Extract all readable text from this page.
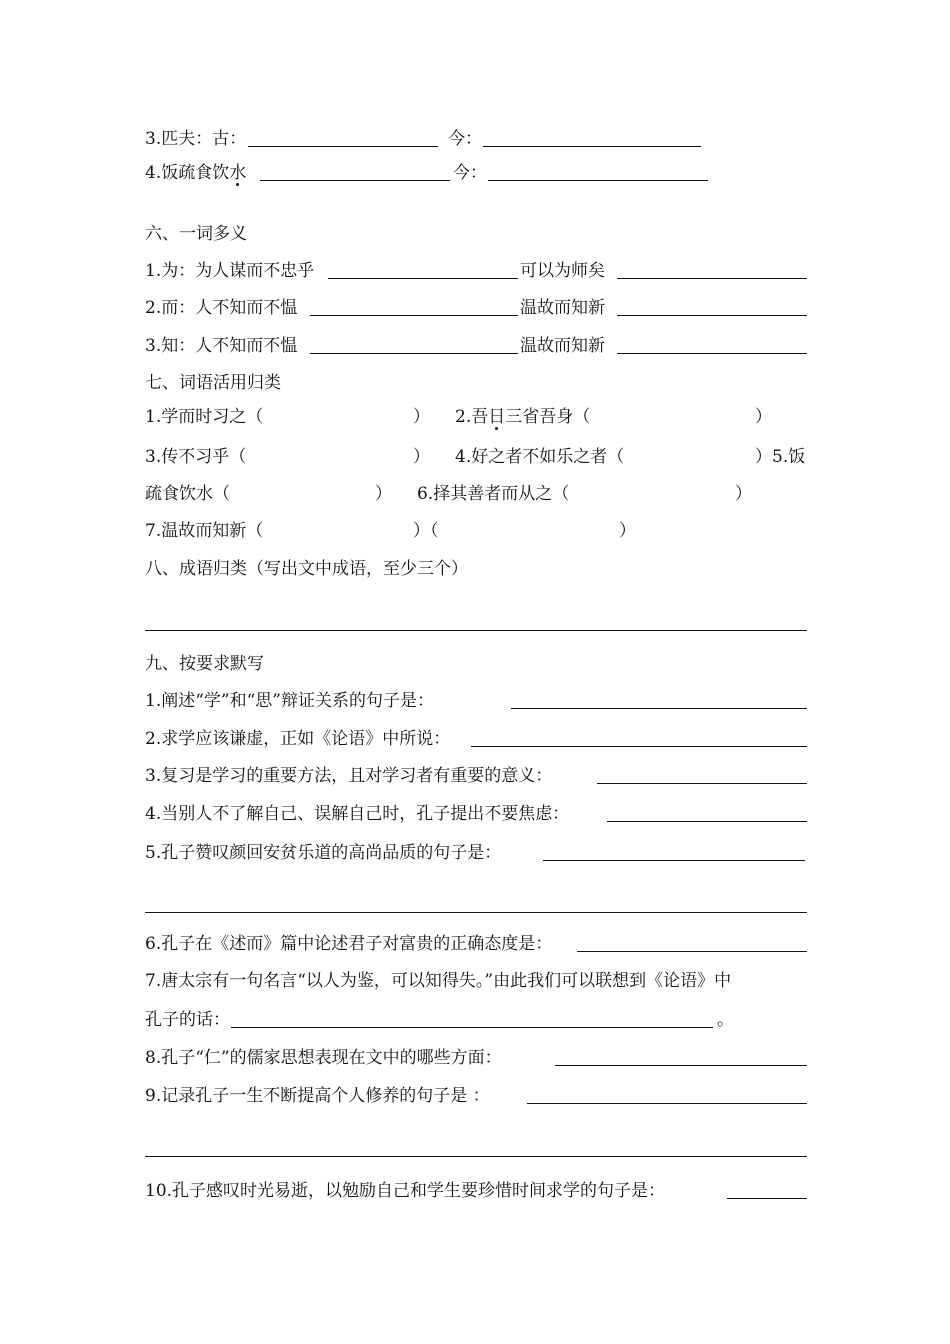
3.匹夫：古：	今：
4.饭疏食饮水	今：
六、一词多义
1.为：为人谋而不忠乎	可以为师矣
2.而：人不知而不愠	温故而知新
3.知：人不知而不愠	温故而知新
七、词语活用归类
1.学而时习之（	） 2.吾日三省吾身（	）
3.传不习乎（	） 4.好之者不如乐之者（	）5.饭
疏食饮水（	） 6.择其善者而从之（	）
7.温故而知新（	）（	）
八、成语归类（写出文中成语，至少三个）
九、按要求默写
1.阐述“学”和“思”辩证关系的句子是：
2.求学应该谦虚，正如《论语》中所说：
3.复习是学习的重要方法，且对学习者有重要的意义：
4.当别人不了解自己、误解自己时，孔子提出不要焦虑：
5.孔子赞叹颜回安贫乐道的高尚品质的句子是：
6.孔子在《述而》篇中论述君子对富贵的正确态度是：
7.唐太宗有一句名言“以人为鉴，可以知得失。”由此我们可以联想到《论语》中
孔子的话：	。
8.孔子“仁”的儒家思想表现在文中的哪些方面：
9.记录孔子一生不断提高个人修养的句子是 ：
10.孔子感叹时光易逝，以勉励自己和学生要珍惜时间求学的句子是：
